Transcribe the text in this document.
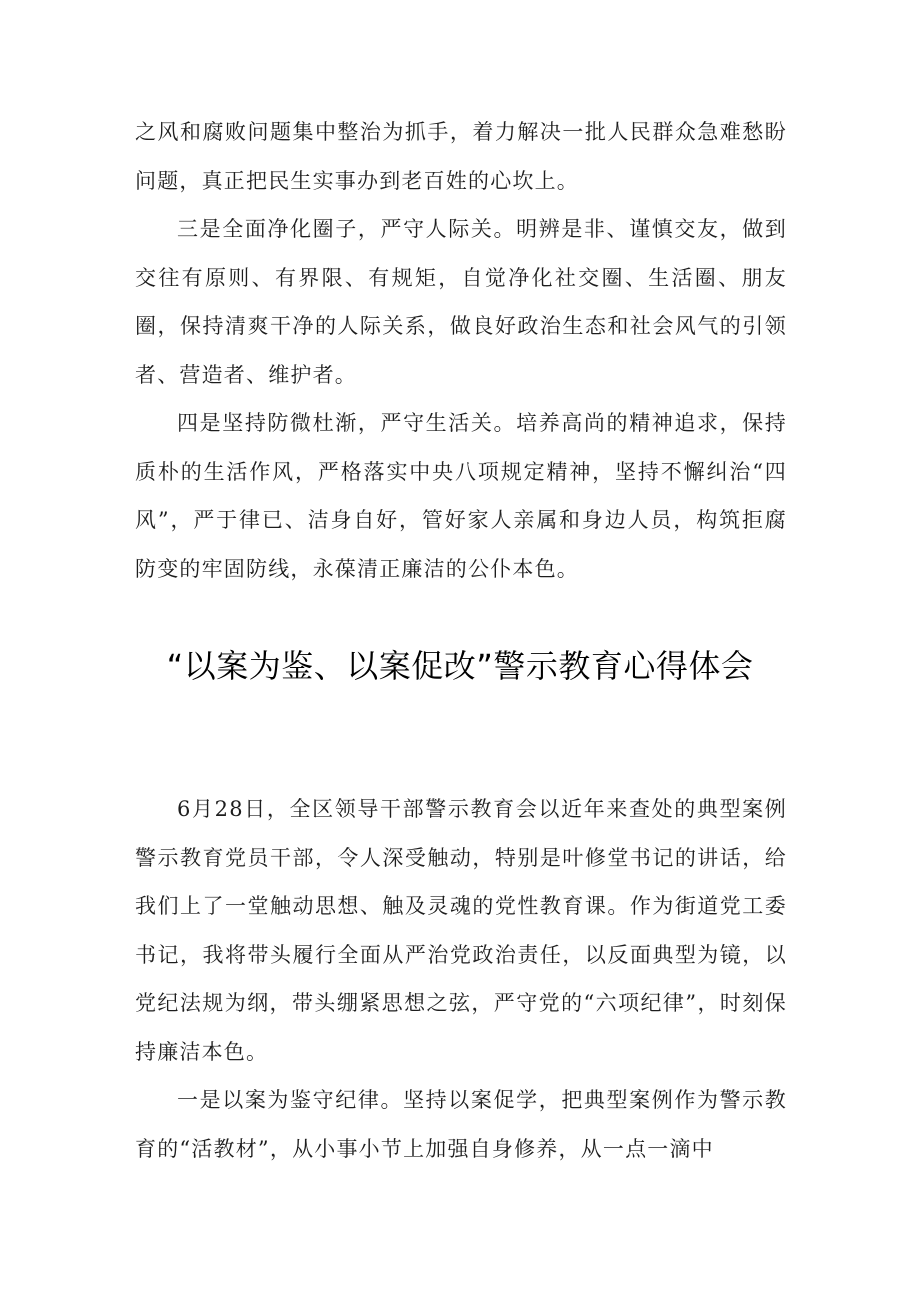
之风和腐败问题集中整治为抓手，着力解决一批人民群众急难愁盼问题，真正把民生实事办到老百姓的心坎上。

三是全面净化圈子，严守人际关。明辨是非、谨慎交友，做到交往有原则、有界限、有规矩，自觉净化社交圈、生活圈、朋友圈，保持清爽干净的人际关系，做良好政治生态和社会风气的引领者、营造者、维护者。

四是坚持防微杜渐，严守生活关。培养高尚的精神追求，保持质朴的生活作风，严格落实中央八项规定精神，坚持不懈纠治“四风”，严于律已、洁身自好，管好家人亲属和身边人员，构筑拒腐防变的牢固防线，永葆清正廉洁的公仆本色。

“以案为鉴、以案促改”警示教育心得体会

6月28日，全区领导干部警示教育会以近年来查处的典型案例警示教育党员干部，令人深受触动，特别是叶修堂书记的讲话，给我们上了一堂触动思想、触及灵魂的党性教育课。作为街道党工委书记，我将带头履行全面从严治党政治责任，以反面典型为镜，以党纪法规为纲，带头绷紧思想之弦，严守党的“六项纪律”，时刻保持廉洁本色。

一是以案为鉴守纪律。坚持以案促学，把典型案例作为警示教育的“活教材”，从小事小节上加强自身修养，从一点一滴中
